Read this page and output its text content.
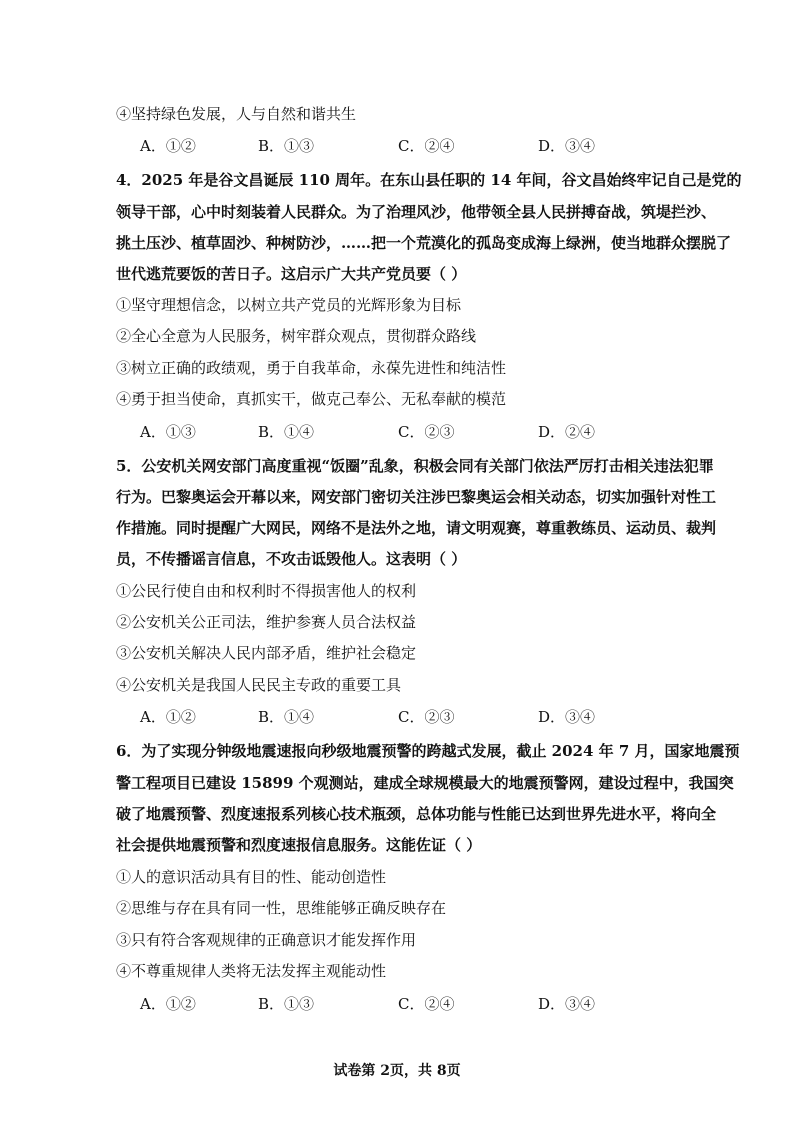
④坚持绿色发展，人与自然和谐共生
A．①②	B．①③	C．②④	D．③④
4．2025 年是谷文昌诞辰 110 周年。在东山县任职的 14 年间，谷文昌始终牢记自己是党的
领导干部，心中时刻装着人民群众。为了治理风沙，他带领全县人民拼搏奋战，筑堤拦沙、
挑土压沙、植草固沙、种树防沙，……把一个荒漠化的孤岛变成海上绿洲，使当地群众摆脱了
世代逃荒要饭的苦日子。这启示广大共产党员要（ ）
①坚守理想信念，以树立共产党员的光辉形象为目标
②全心全意为人民服务，树牢群众观点，贯彻群众路线
③树立正确的政绩观，勇于自我革命，永葆先进性和纯洁性
④勇于担当使命，真抓实干，做克己奉公、无私奉献的模范
A．①③	B．①④	C．②③	D．②④
5．公安机关网安部门高度重视“饭圈”乱象，积极会同有关部门依法严厉打击相关违法犯罪
行为。巴黎奥运会开幕以来，网安部门密切关注涉巴黎奥运会相关动态，切实加强针对性工
作措施。同时提醒广大网民，网络不是法外之地，请文明观赛，尊重教练员、运动员、裁判
员，不传播谣言信息，不攻击诋毁他人。这表明（ ）
①公民行使自由和权利时不得损害他人的权利
②公安机关公正司法，维护参赛人员合法权益
③公安机关解决人民内部矛盾，维护社会稳定
④公安机关是我国人民民主专政的重要工具
A．①②	B．①④	C．②③	D．③④
6．为了实现分钟级地震速报向秒级地震预警的跨越式发展，截止 2024 年 7 月，国家地震预
警工程项目已建设 15899 个观测站，建成全球规模最大的地震预警网，建设过程中，我国突
破了地震预警、烈度速报系列核心技术瓶颈，总体功能与性能已达到世界先进水平，将向全
社会提供地震预警和烈度速报信息服务。这能佐证（ ）
①人的意识活动具有目的性、能动创造性
②思维与存在具有同一性，思维能够正确反映存在
③只有符合客观规律的正确意识才能发挥作用
④不尊重规律人类将无法发挥主观能动性
A．①②	B．①③	C．②④	D．③④
试卷第 2页，共 8页
